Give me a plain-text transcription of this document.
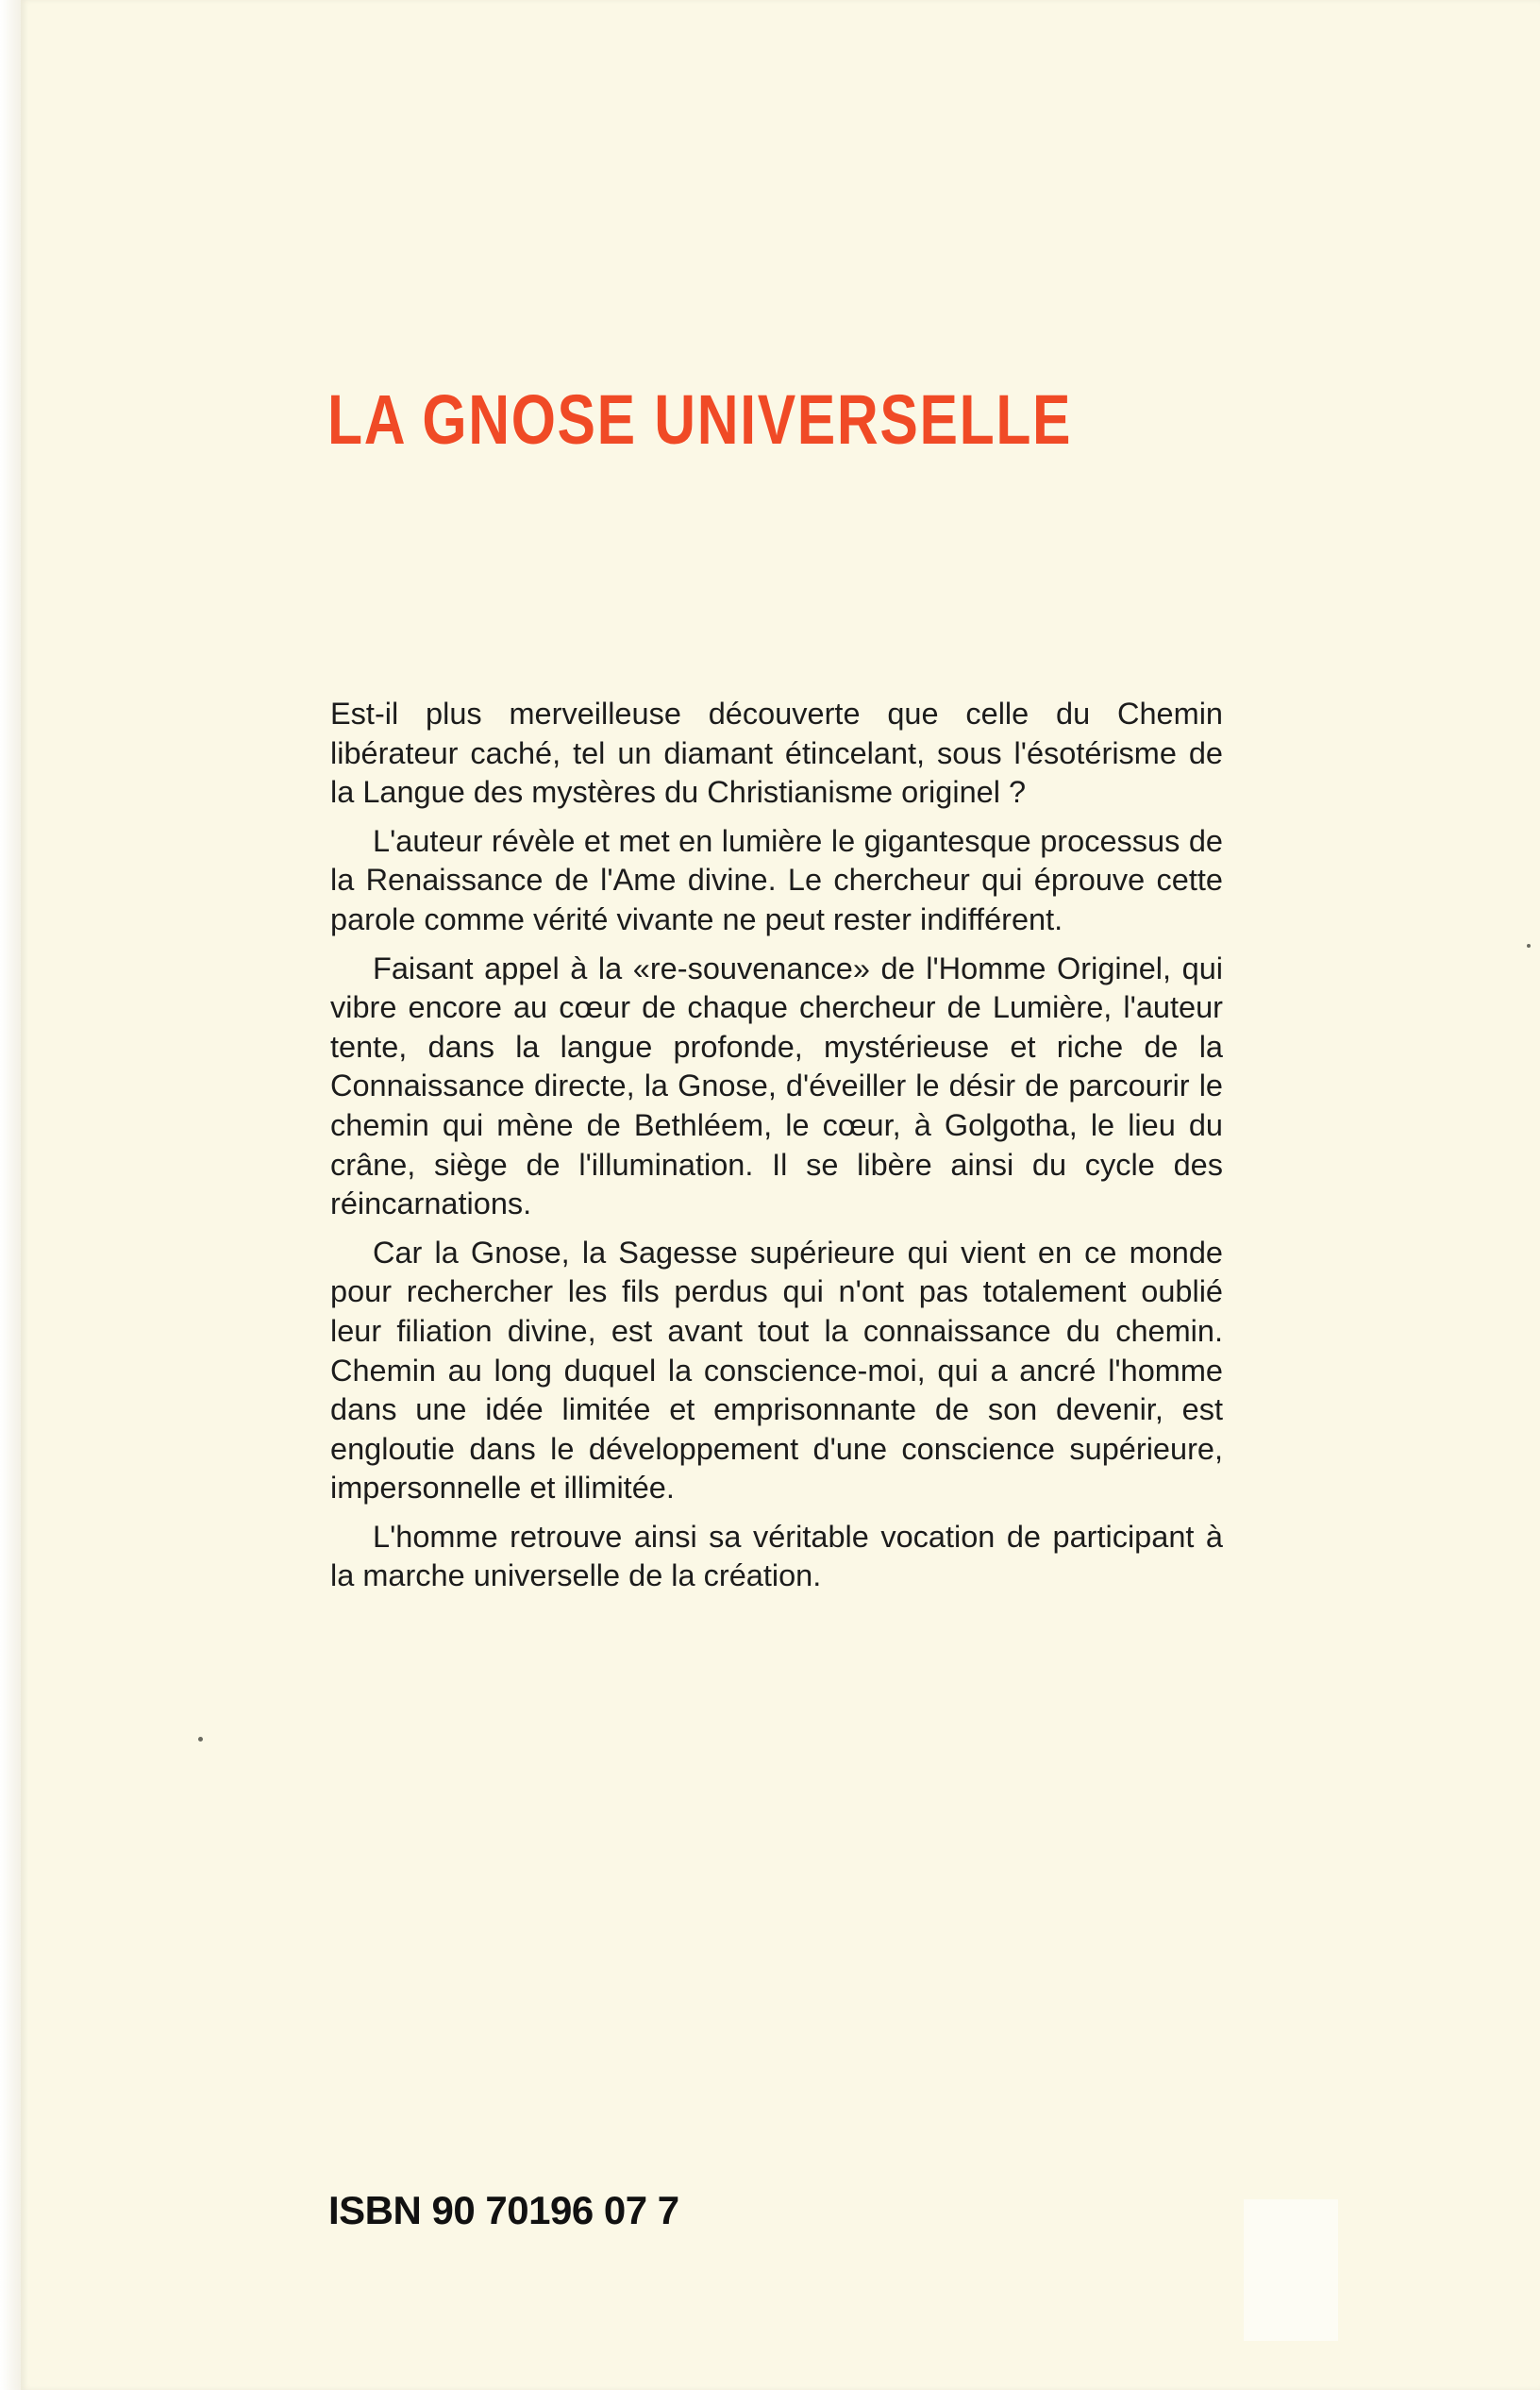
LA GNOSE UNIVERSELLE

Est-il plus merveilleuse découverte que celle du Chemin libérateur caché, tel un diamant étincelant, sous l'ésotérisme de la Langue des mystères du Christianisme originel ?

L'auteur révèle et met en lumière le gigantesque processus de la Renaissance de l'Ame divine. Le chercheur qui éprouve cette parole comme vérité vivante ne peut rester indifférent.

Faisant appel à la «re-souvenance» de l'Homme Originel, qui vibre encore au cœur de chaque chercheur de Lumière, l'auteur tente, dans la langue profonde, mystérieuse et riche de la Connaissance directe, la Gnose, d'éveiller le désir de parcourir le chemin qui mène de Bethléem, le cœur, à Golgotha, le lieu du crâne, siège de l'illumination. Il se libère ainsi du cycle des réincarnations.

Car la Gnose, la Sagesse supérieure qui vient en ce monde pour rechercher les fils perdus qui n'ont pas totalement oublié leur filiation divine, est avant tout la connaissance du chemin. Chemin au long duquel la conscience-moi, qui a ancré l'homme dans une idée limitée et emprisonnante de son devenir, est engloutie dans le développement d'une conscience supérieure, impersonnelle et illimitée.

L'homme retrouve ainsi sa véritable vocation de participant à la marche universelle de la création.

ISBN 90 70196 07 7
